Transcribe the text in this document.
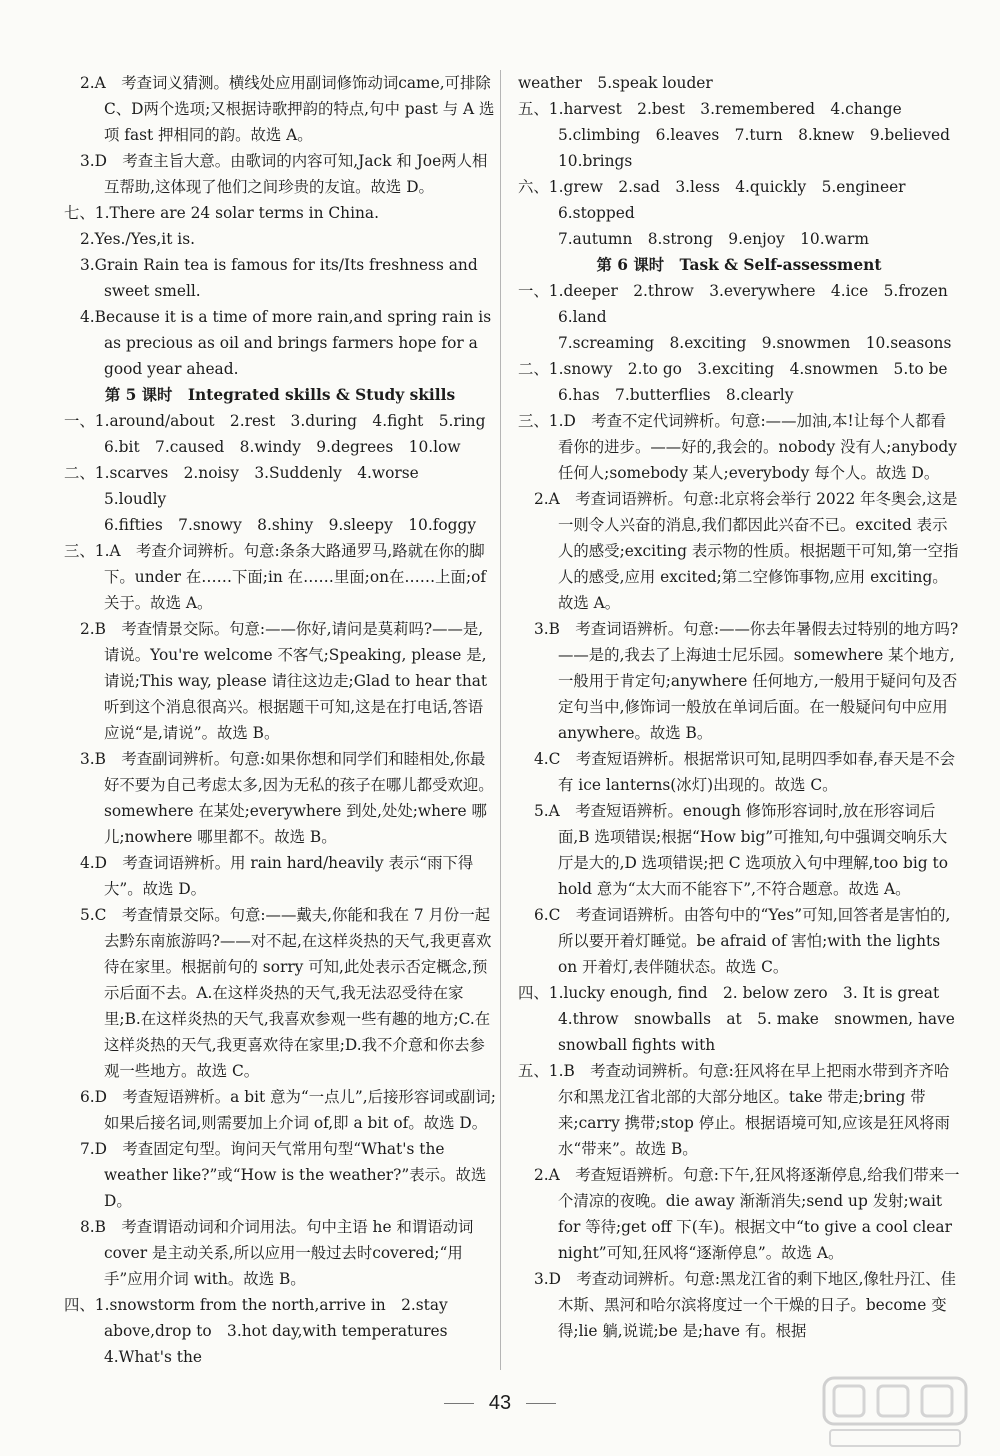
2.A　考查词义猜测。横线处应用副词修饰动词came,可排除C、D两个选项;又根据诗歌押韵的特点,句中 past 与 A 选项 fast 押相同的韵。故选 A。
3.D　考查主旨大意。由歌词的内容可知,Jack 和 Joe两人相互帮助,这体现了他们之间珍贵的友谊。故选 D。
七、1.There are 24 solar terms in China.
2.Yes./Yes,it is.
3.Grain Rain tea is famous for its/Its freshness and sweet smell.
4.Because it is a time of more rain,and spring rain is as precious as oil and brings farmers hope for a good year ahead.
第 5 课时　Integrated skills & Study skills
一、1.around/about　2.rest　3.during　4.fight　5.ring
6.bit　7.caused　8.windy　9.degrees　10.low
二、1.scarves　2.noisy　3.Suddenly　4.worse　5.loudly
6.fifties　7.snowy　8.shiny　9.sleepy　10.foggy
三、1.A　考查介词辨析。句意:条条大路通罗马,路就在你的脚下。under 在……下面;in 在……里面;on在……上面;of 关于。故选 A。
2.B　考查情景交际。句意:——你好,请问是莫莉吗?——是,请说。You're welcome 不客气;Speaking, please 是,请说;This way, please 请往这边走;Glad to hear that 听到这个消息很高兴。根据题干可知,这是在打电话,答语应说“是,请说”。故选 B。
3.B　考查副词辨析。句意:如果你想和同学们和睦相处,你最好不要为自己考虑太多,因为无私的孩子在哪儿都受欢迎。somewhere 在某处;everywhere 到处,处处;where 哪儿;nowhere 哪里都不。故选 B。
4.D　考查词语辨析。用 rain hard/heavily 表示“雨下得大”。故选 D。
5.C　考查情景交际。句意:——戴夫,你能和我在 7 月份一起去黔东南旅游吗?——对不起,在这样炎热的天气,我更喜欢待在家里。根据前句的 sorry 可知,此处表示否定概念,预示后面不去。A.在这样炎热的天气,我无法忍受待在家里;B.在这样炎热的天气,我喜欢参观一些有趣的地方;C.在这样炎热的天气,我更喜欢待在家里;D.我不介意和你去参观一些地方。故选 C。
6.D　考查短语辨析。a bit 意为“一点儿”,后接形容词或副词;如果后接名词,则需要加上介词 of,即 a bit of。故选 D。
7.D　考查固定句型。询问天气常用句型“What's the weather like?”或“How is the weather?”表示。故选 D。
8.B　考查谓语动词和介词用法。句中主语 he 和谓语动词 cover 是主动关系,所以应用一般过去时covered;“用手”应用介词 with。故选 B。
四、1.snowstorm from the north,arrive in　2.stay above,drop to　3.hot day,with temperatures　4.What's the
weather　5.speak louder
五、1.harvest　2.best　3.remembered　4.change
5.climbing　6.leaves　7.turn　8.knew　9.believed
10.brings
六、1.grew　2.sad　3.less　4.quickly　5.engineer　6.stopped
7.autumn　8.strong　9.enjoy　10.warm
第 6 课时　Task & Self-assessment
一、1.deeper　2.throw　3.everywhere　4.ice　5.frozen　6.land
7.screaming　8.exciting　9.snowmen　10.seasons
二、1.snowy　2.to go　3.exciting　4.snowmen　5.to be
6.has　7.butterflies　8.clearly
三、1.D　考查不定代词辨析。句意:——加油,本!让每个人都看看你的进步。——好的,我会的。nobody 没有人;anybody 任何人;somebody 某人;everybody 每个人。故选 D。
2.A　考查词语辨析。句意:北京将会举行 2022 年冬奥会,这是一则令人兴奋的消息,我们都因此兴奋不已。excited 表示人的感受;exciting 表示物的性质。根据题干可知,第一空指人的感受,应用 excited;第二空修饰事物,应用 exciting。故选 A。
3.B　考查词语辨析。句意:——你去年暑假去过特别的地方吗?——是的,我去了上海迪士尼乐园。somewhere 某个地方,一般用于肯定句;anywhere 任何地方,一般用于疑问句及否定句当中,修饰词一般放在单词后面。在一般疑问句中应用 anywhere。故选 B。
4.C　考查短语辨析。根据常识可知,昆明四季如春,春天是不会有 ice lanterns(冰灯)出现的。故选 C。
5.A　考查短语辨析。enough 修饰形容词时,放在形容词后面,B 选项错误;根据“How big”可推知,句中强调交响乐大厅是大的,D 选项错误;把 C 选项放入句中理解,too big to hold 意为“太大而不能容下”,不符合题意。故选 A。
6.C　考查词语辨析。由答句中的“Yes”可知,回答者是害怕的,所以要开着灯睡觉。be afraid of 害怕;with the lights on 开着灯,表伴随状态。故选 C。
四、1.lucky enough, find　2. below zero　3. It is great
4.throw　snowballs　at　5. make　snowmen, have snowball fights with
五、1.B　考查动词辨析。句意:狂风将在早上把雨水带到齐齐哈尔和黑龙江省北部的大部分地区。take 带走;bring 带来;carry 携带;stop 停止。根据语境可知,应该是狂风将雨水“带来”。故选 B。
2.A　考查短语辨析。句意:下午,狂风将逐渐停息,给我们带来一个清凉的夜晚。die away 渐渐消失;send up 发射;wait for 等待;get off 下(车)。根据文中“to give a cool clear night”可知,狂风将“逐渐停息”。故选 A。
3.D　考查动词辨析。句意:黑龙江省的剩下地区,像牡丹江、佳木斯、黑河和哈尔滨将度过一个干燥的日子。become 变得;lie 躺,说谎;be 是;have 有。根据
43
